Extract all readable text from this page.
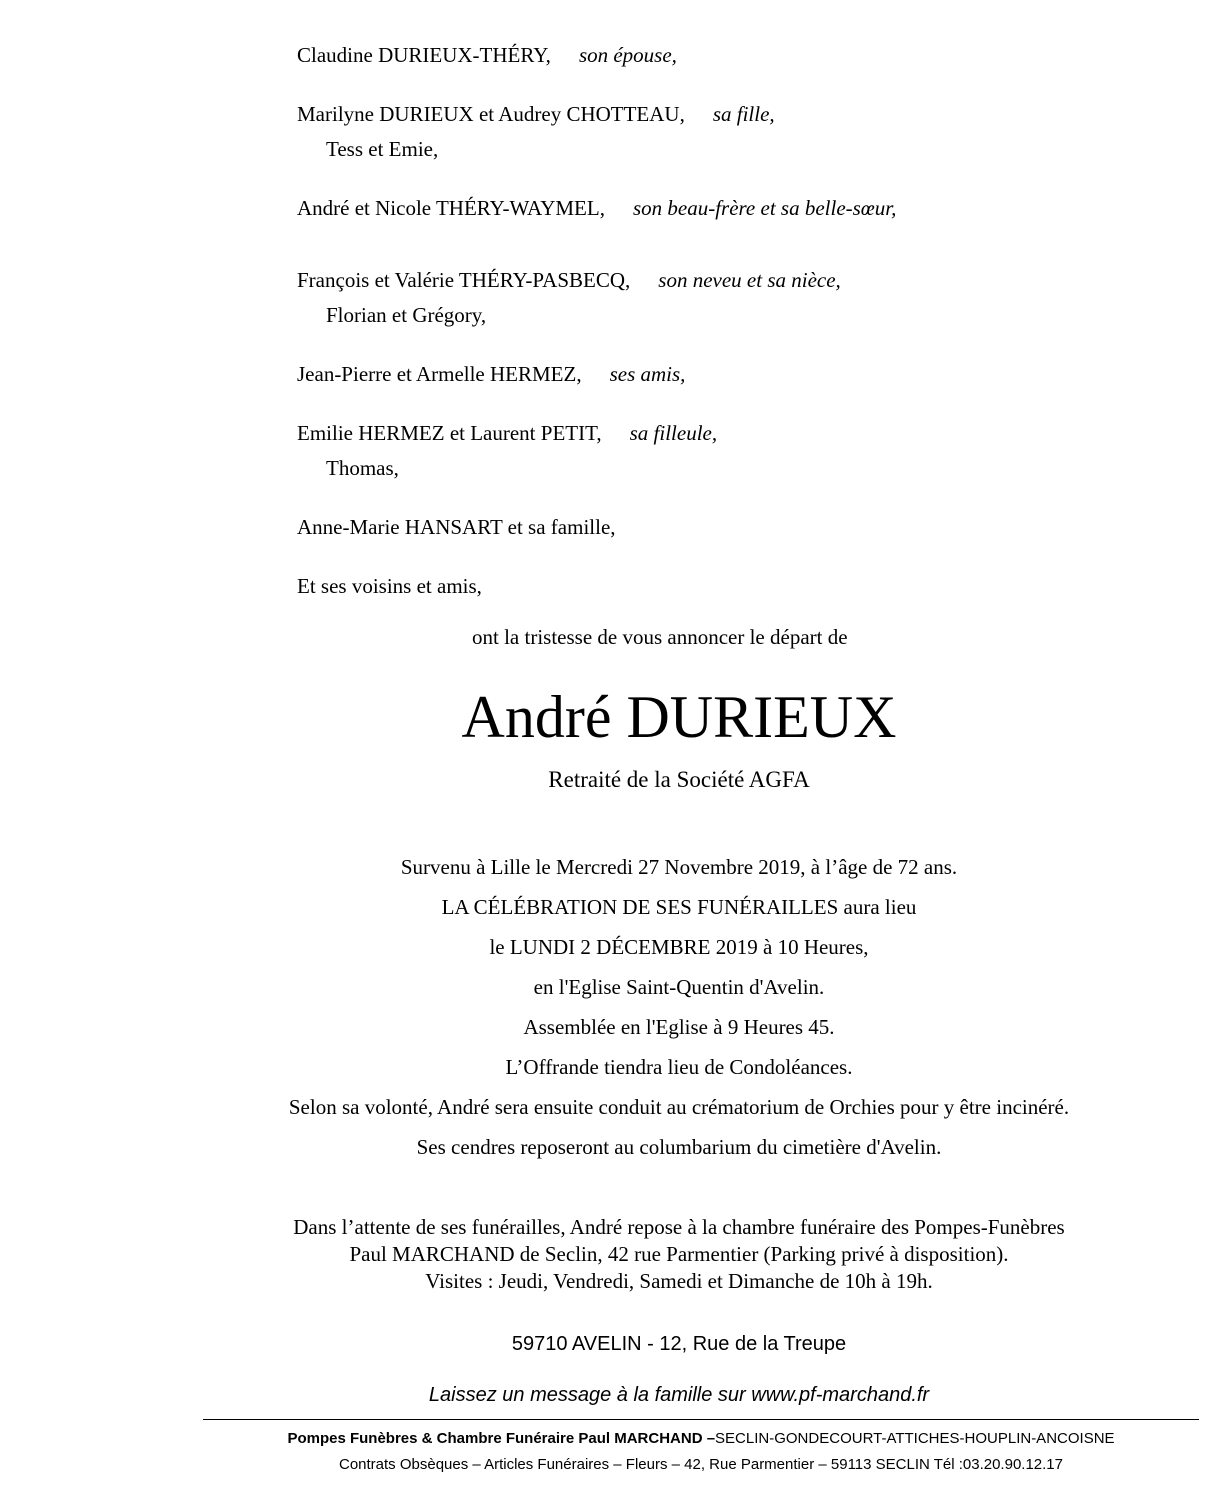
Claudine DURIEUX-THÉRY, son épouse,
Marilyne DURIEUX et Audrey CHOTTEAU, sa fille,
Tess et Emie,
André et Nicole THÉRY-WAYMEL, son beau-frère et sa belle-sœur,
François et Valérie THÉRY-PASBECQ, son neveu et sa nièce,
Florian et Grégory,
Jean-Pierre et Armelle HERMEZ, ses amis,
Emilie HERMEZ et Laurent PETIT, sa filleule,
Thomas,
Anne-Marie HANSART et sa famille,
Et ses voisins et amis,
ont la tristesse de vous annoncer le départ de
André DURIEUX
Retraité de la Société AGFA
Survenu à Lille le Mercredi 27 Novembre 2019, à l’âge de 72 ans.
LA CÉLÉBRATION DE SES FUNÉRAILLES aura lieu
le LUNDI 2 DÉCEMBRE 2019 à 10 Heures,
en l'Eglise Saint-Quentin d'Avelin.
Assemblée en l'Eglise à 9 Heures 45.
L’Offrande tiendra lieu de Condoléances.
Selon sa volonté, André sera ensuite conduit au crématorium de Orchies pour y être incinéré.
Ses cendres reposeront au columbarium du cimetière d'Avelin.
Dans l’attente de ses funérailles, André repose à la chambre funéraire des Pompes-Funèbres
Paul MARCHAND de Seclin, 42 rue Parmentier (Parking privé à disposition).
Visites : Jeudi, Vendredi, Samedi et Dimanche de 10h à 19h.
59710 AVELIN - 12, Rue de la Treupe
Laissez un message à la famille sur www.pf-marchand.fr
Pompes Funèbres & Chambre Funéraire Paul MARCHAND –SECLIN-GONDECOURT-ATTICHES-HOUPLIN-ANCOISNE
Contrats Obsèques – Articles Funéraires – Fleurs – 42, Rue Parmentier – 59113 SECLIN Tél :03.20.90.12.17
